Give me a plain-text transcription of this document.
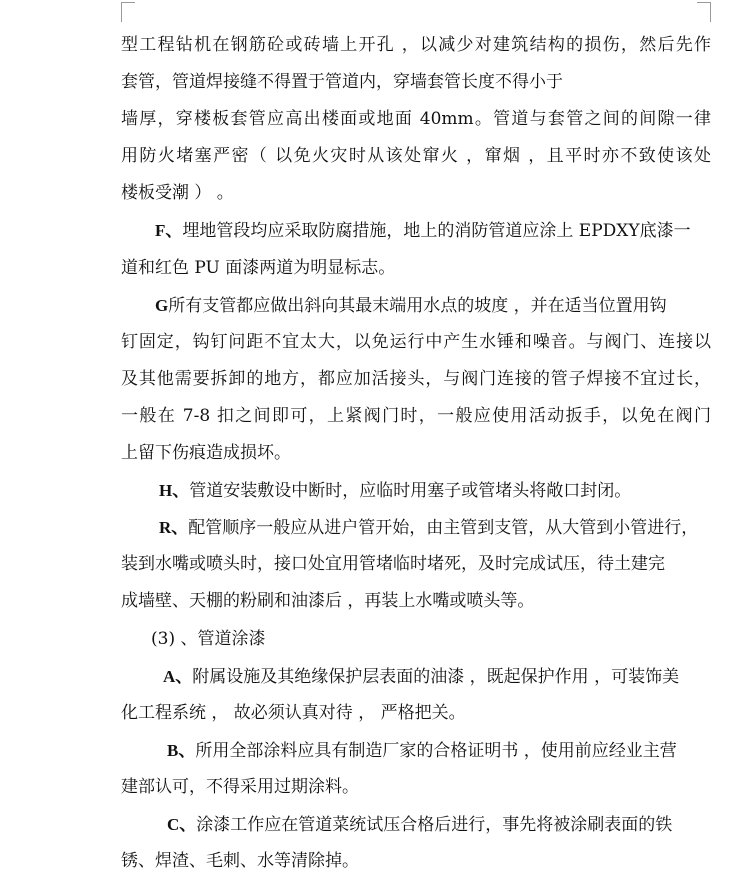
型工程钻机在钢筋砼或砖墙上开孔 ，以减少对建筑结构的损伤，然后先作
套管，管道焊接缝不得置于管道内，穿墙套管长度不得小于
墙厚，穿楼板套管应高出楼面或地面 40mm。管道与套管之间的间隙一律
用防火堵塞严密（ 以免火灾时从该处窜火 ，窜烟 ，且平时亦不致使该处
楼板受潮 ） 。
F、埋地管段均应采取防腐措施，地上的消防管道应涂上 EPDXY底漆一
道和红色 PU 面漆两道为明显标志。
G所有支管都应做出斜向其最末端用水点的坡度 ，并在适当位置用钩
钉固定，钩钉问距不宜太大，以免运行中产生水锤和噪音。与阀门、连接以
及其他需要拆卸的地方，都应加活接头，与阀门连接的管子焊接不宜过长，
一般在 7-8 扣之间即可，上紧阀门时，一般应使用活动扳手，以免在阀门
上留下伤痕造成损坏。
H、管道安装敷设中断时，应临时用塞子或管堵头将敞口封闭。
R、配管顺序一般应从进户管开始，由主管到支管，从大管到小管进行，
装到水嘴或喷头时，接口处宜用管堵临时堵死，及时完成试压，待土建完
成墙壁、天棚的粉刷和油漆后 ，再装上水嘴或喷头等。
(3) 、管道涂漆
A、附属设施及其绝缘保护层表面的油漆 ，既起保护作用 ，可装饰美
化工程系统 ， 故必须认真对待 ， 严格把关。
B、所用全部涂料应具有制造厂家的合格证明书 ，使用前应经业主营
建部认可，不得采用过期涂料。
C、涂漆工作应在管道菜统试压合格后进行，事先将被涂刷表面的铁
锈、焊渣、毛刺、水等清除掉。
